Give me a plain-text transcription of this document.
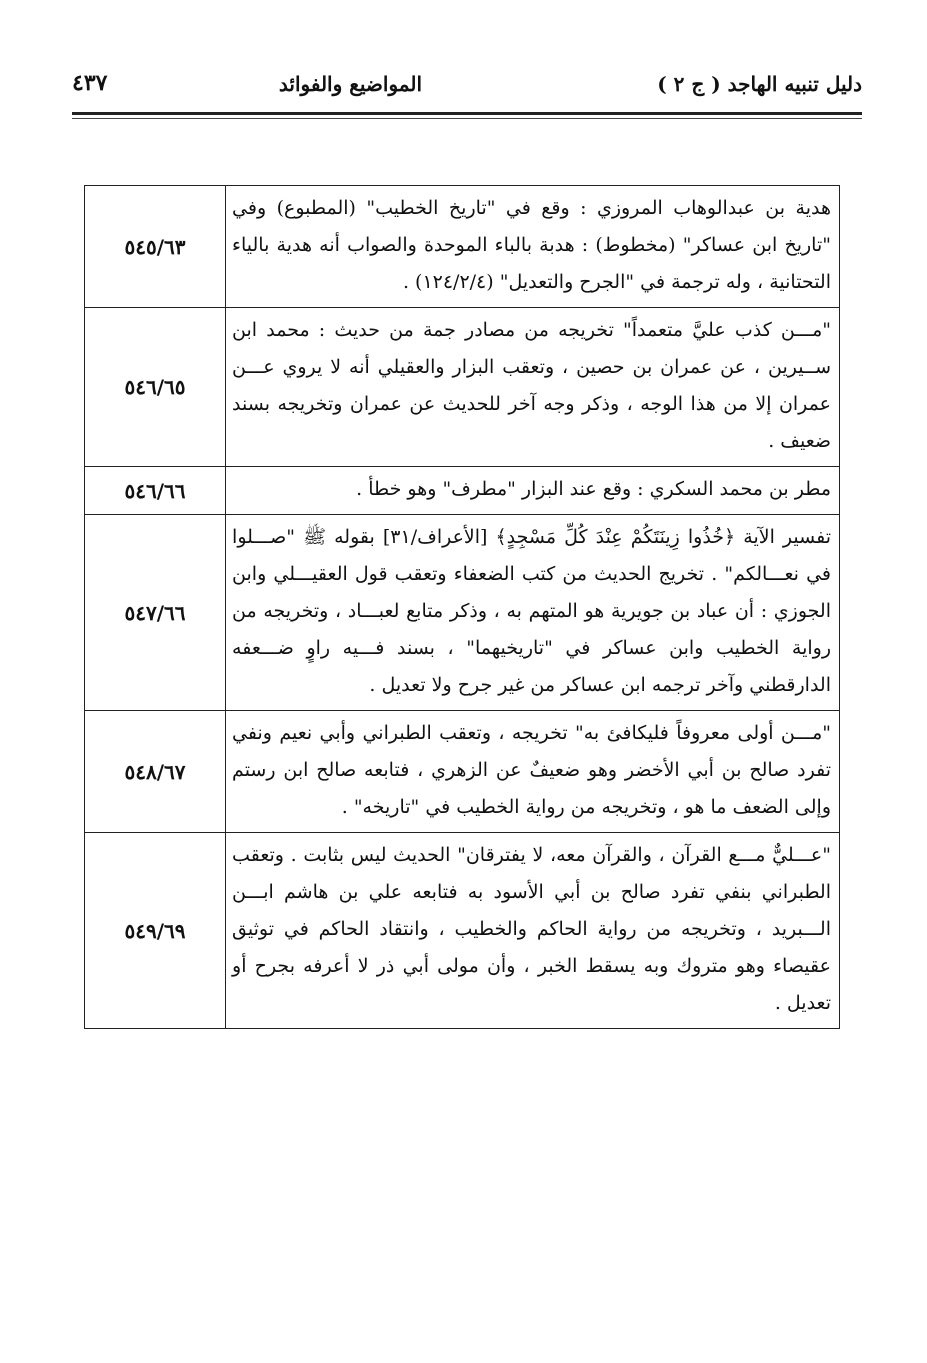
دليل تنبيه الهاجد ( ج ٢ )
المواضيع والفوائد
٤٣٧
هدية بن عبدالوهاب المروزي : وقع في "تاريخ الخطيب" (المطبوع) وفي "تاريخ ابن عساكر" (مخطوط) : هدبة بالباء الموحدة والصواب أنه هدية بالياء التحتانية ، وله ترجمة في "الجرح والتعديل" (١٢٤/٢/٤) .	٥٤٥/٦٣
"مـــن كذب عليَّ متعمداً" تخريجه من مصادر جمة من حديث : محمد ابن ســيرين ، عن عمران بن حصين ، وتعقب البزار والعقيلي أنه لا يروي عـــن عمران إلا من هذا الوجه ، وذكر وجه آخر للحديث عن عمران وتخريجه بسند ضعيف .	٥٤٦/٦٥
مطر بن محمد السكري : وقع عند البزار "مطرف" وهو خطأ .	٥٤٦/٦٦
تفسير الآية ﴿خُذُوا زِينَتَكُمْ عِنْدَ كُلِّ مَسْجِدٍ﴾ [الأعراف/٣١] بقوله ﷺ "صـــلوا في نعـــالكم" . تخريج الحديث من كتب الضعفاء وتعقب قول العقيـــلي وابن الجوزي : أن عباد بن جويرية هو المتهم به ، وذكر متابع لعبـــاد ، وتخريجه من رواية الخطيب وابن عساكر في "تاريخيهما" ، بسند فـــيه راوٍ ضـــعفه الدارقطني وآخر ترجمه ابن عساكر من غير جرح ولا تعديل .	٥٤٧/٦٦
"مـــن أولى معروفاً فليكافئ به" تخريجه ، وتعقب الطبراني وأبي نعيم ونفي تفرد صالح بن أبي الأخضر وهو ضعيفٌ عن الزهري ، فتابعه صالح ابن رستم وإلى الضعف ما هو ، وتخريجه من رواية الخطيب في "تاريخه" .	٥٤٨/٦٧
"عـــليٌّ مـــع القرآن ، والقرآن معه، لا يفترقان" الحديث ليس بثابت . وتعقب الطبراني بنفي تفرد صالح بن أبي الأسود به فتابعه علي بن هاشم ابـــن الـــبريد ، وتخريجه من رواية الحاكم والخطيب ، وانتقاد الحاكم في توثيق عقيصاء وهو متروك وبه يسقط الخبر ، وأن مولى أبي ذر لا أعرفه بجرح أو تعديل .	٥٤٩/٦٩
